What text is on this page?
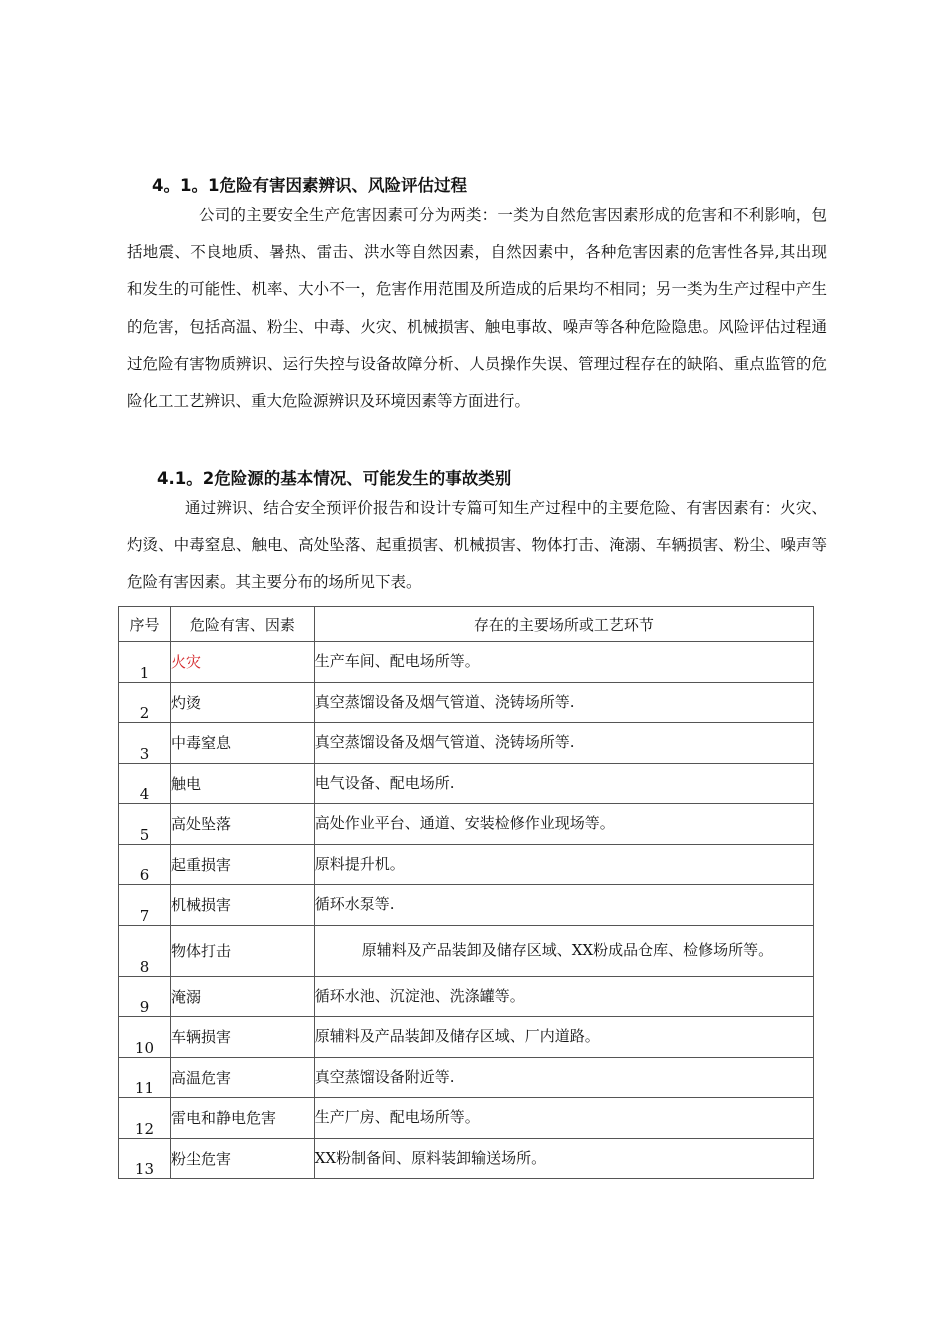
4。1。1危险有害因素辨识、风险评估过程

公司的主要安全生产危害因素可分为两类：一类为自然危害因素形成的危害和不利影响，包括地震、不良地质、暑热、雷击、洪水等自然因素，自然因素中，各种危害因素的危害性各异,其出现和发生的可能性、机率、大小不一，危害作用范围及所造成的后果均不相同；另一类为生产过程中产生的危害，包括高温、粉尘、中毒、火灾、机械损害、触电事故、噪声等各种危险隐患。风险评估过程通过危险有害物质辨识、运行失控与设备故障分析、人员操作失误、管理过程存在的缺陷、重点监管的危险化工工艺辨识、重大危险源辨识及环境因素等方面进行。

4.1。2危险源的基本情况、可能发生的事故类别

通过辨识、结合安全预评价报告和设计专篇可知生产过程中的主要危险、有害因素有：火灾、灼烫、中毒窒息、触电、高处坠落、起重损害、机械损害、物体打击、淹溺、车辆损害、粉尘、噪声等危险有害因素。其主要分布的场所见下表。

序号	危险有害、因素	存在的主要场所或工艺环节
1	火灾	生产车间、配电场所等。
2	灼烫	真空蒸馏设备及烟气管道、浇铸场所等.
3	中毒窒息	真空蒸馏设备及烟气管道、浇铸场所等.
4	触电	电气设备、配电场所.
5	高处坠落	高处作业平台、通道、安装检修作业现场等。
6	起重损害	原料提升机。
7	机械损害	循环水泵等.
8	物体打击	原辅料及产品装卸及储存区域、XX粉成品仓库、检修场所等。
9	淹溺	循环水池、沉淀池、洗涤罐等。
10	车辆损害	原辅料及产品装卸及储存区域、厂内道路。
11	高温危害	真空蒸馏设备附近等.
12	雷电和静电危害	生产厂房、配电场所等。
13	粉尘危害	XX粉制备间、原料装卸输送场所。
